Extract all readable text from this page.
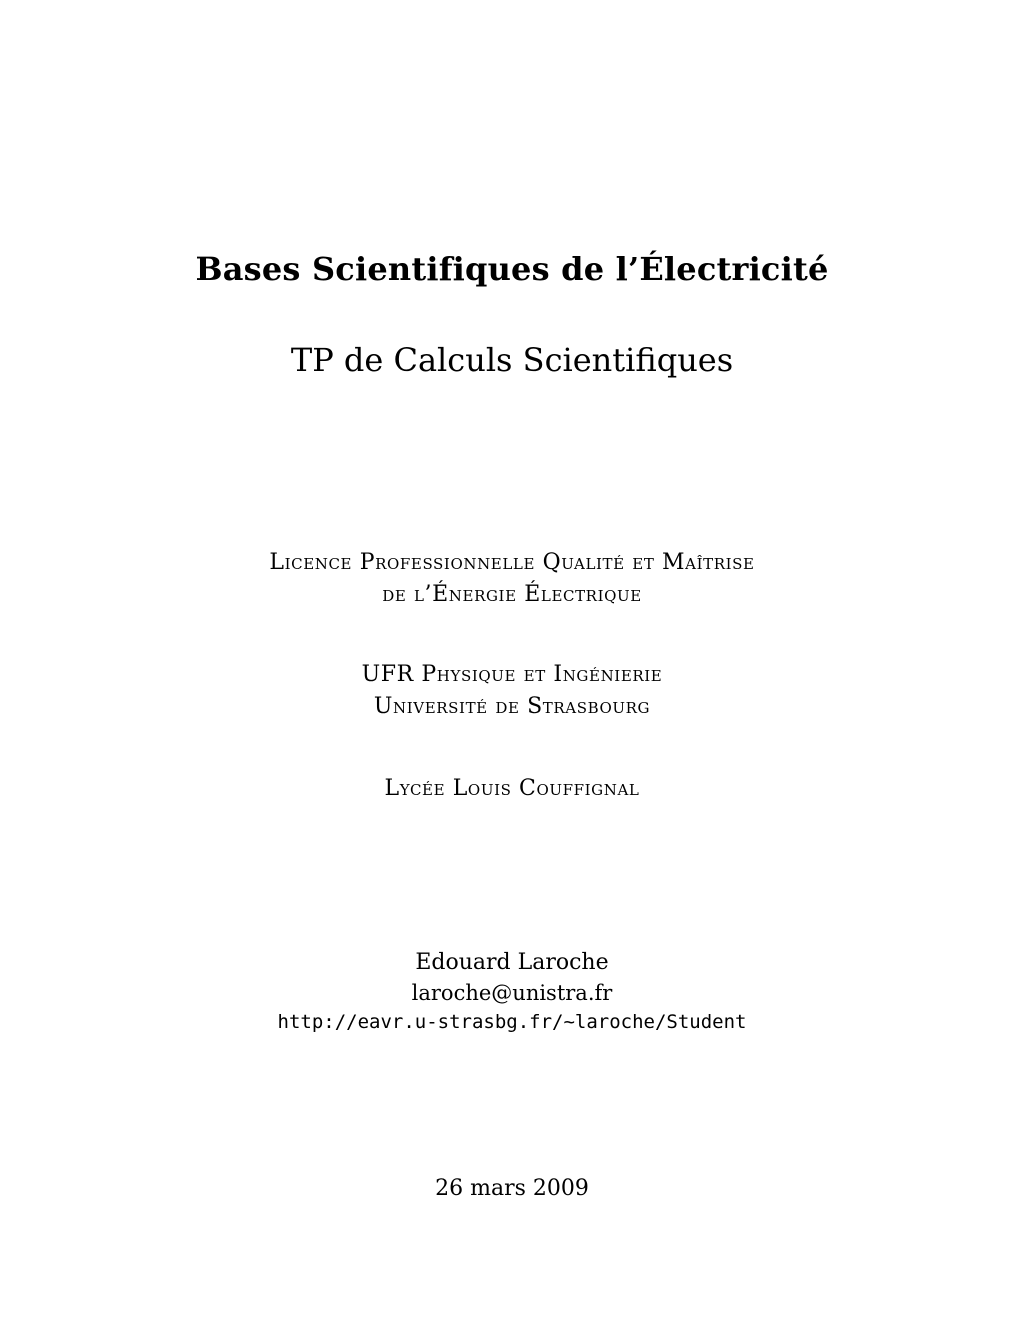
Bases Scientifiques de l’Électricité
TP de Calculs Scientifiques
Licence Professionnelle Qualité et Maîtrise
de l’Énergie Électrique
UFR Physique et Ingénierie
Université de Strasbourg
Lycée Louis Couffignal
Edouard Laroche
laroche@unistra.fr
http://eavr.u-strasbg.fr/~laroche/Student
26 mars 2009
